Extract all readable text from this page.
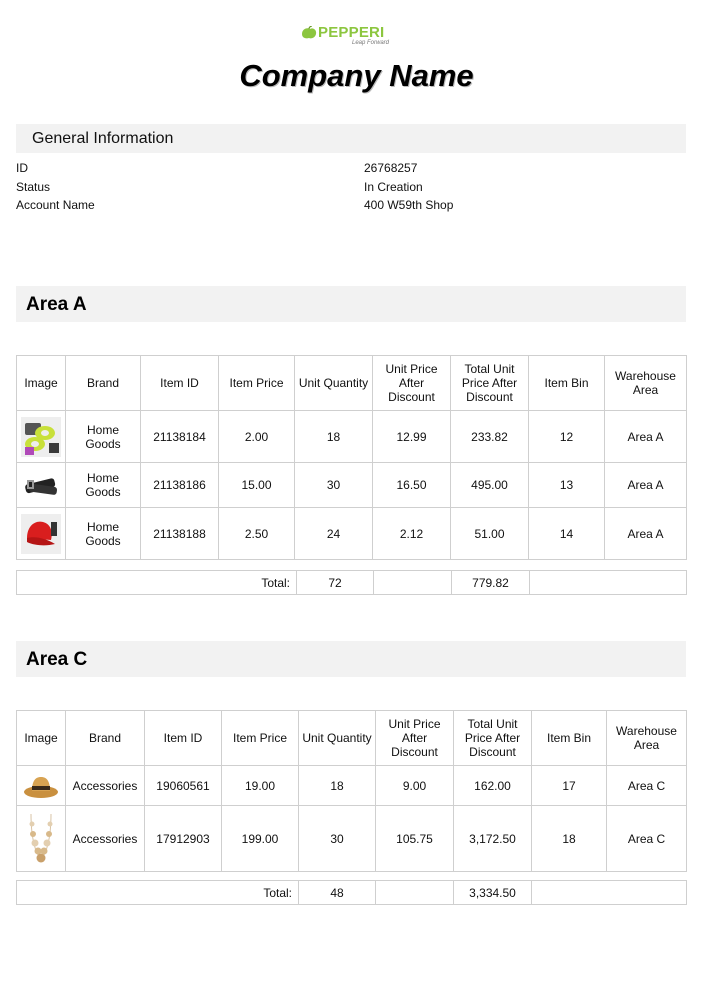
PEPPERI
Leap Forward
Company Name
General Information
ID	26768257
Status	In Creation
Account Name	400 W59th Shop
Area A
Image	Brand	Item ID	Item Price	Unit Quantity	Unit Price After Discount	Total Unit Price After Discount	Item Bin	Warehouse Area

	Home Goods	21138184	2.00	18	12.99	233.82	12	Area A

	Home Goods	21138186	15.00	30	16.50	495.00	13	Area A

	Home Goods	21138188	2.50	24	2.12	51.00	14	Area A
Total:	72		779.82	
Area C
Image	Brand	Item ID	Item Price	Unit Quantity	Unit Price After Discount	Total Unit Price After Discount	Item Bin	Warehouse Area

	Accessories	19060561	19.00	18	9.00	162.00	17	Area C

	Accessories	17912903	199.00	30	105.75	3,172.50	18	Area C
Total:	48		3,334.50	
